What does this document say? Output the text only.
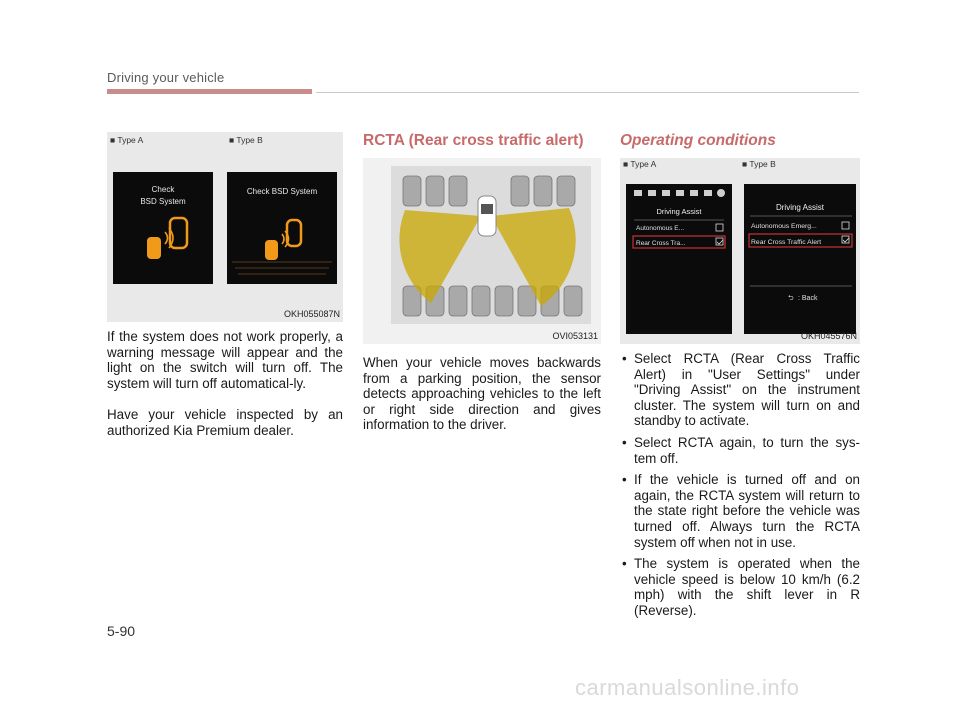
Driving your vehicle
■ Type A	■ Type B
Check
BSD System
Check BSD System
OKH055087N

If the system does not work properly, a warning message will appear and the light on the switch will turn off. The system will turn off automatical-ly.

Have your vehicle inspected by an authorized Kia Premium dealer.

RCTA (Rear cross traffic alert)
OVI053131

When your vehicle moves backwards from a parking position, the sensor detects approaching vehicles to the left or right side direction and gives information to the driver.

Operating conditions
■ Type A	■ Type B
Driving Assist
Autonomous E...
Rear Cross Tra...
Driving Assist
Autonomous Emerg...
Rear Cross Traffic Alert
⮌ : Back
OKH045576N
• Select RCTA (Rear Cross Traffic Alert) in "User Settings" under "Driving Assist" on the instrument cluster. The system will turn on and standby to activate.
• Select RCTA again, to turn the sys-tem off.
• If the vehicle is turned off and on again, the RCTA system will return to the state right before the vehicle was turned off. Always turn the RCTA system off when not in use.
• The system is operated when the vehicle speed is below 10 km/h (6.2 mph) with the shift lever in R (Reverse).
5-90
carmanualsonline.info
